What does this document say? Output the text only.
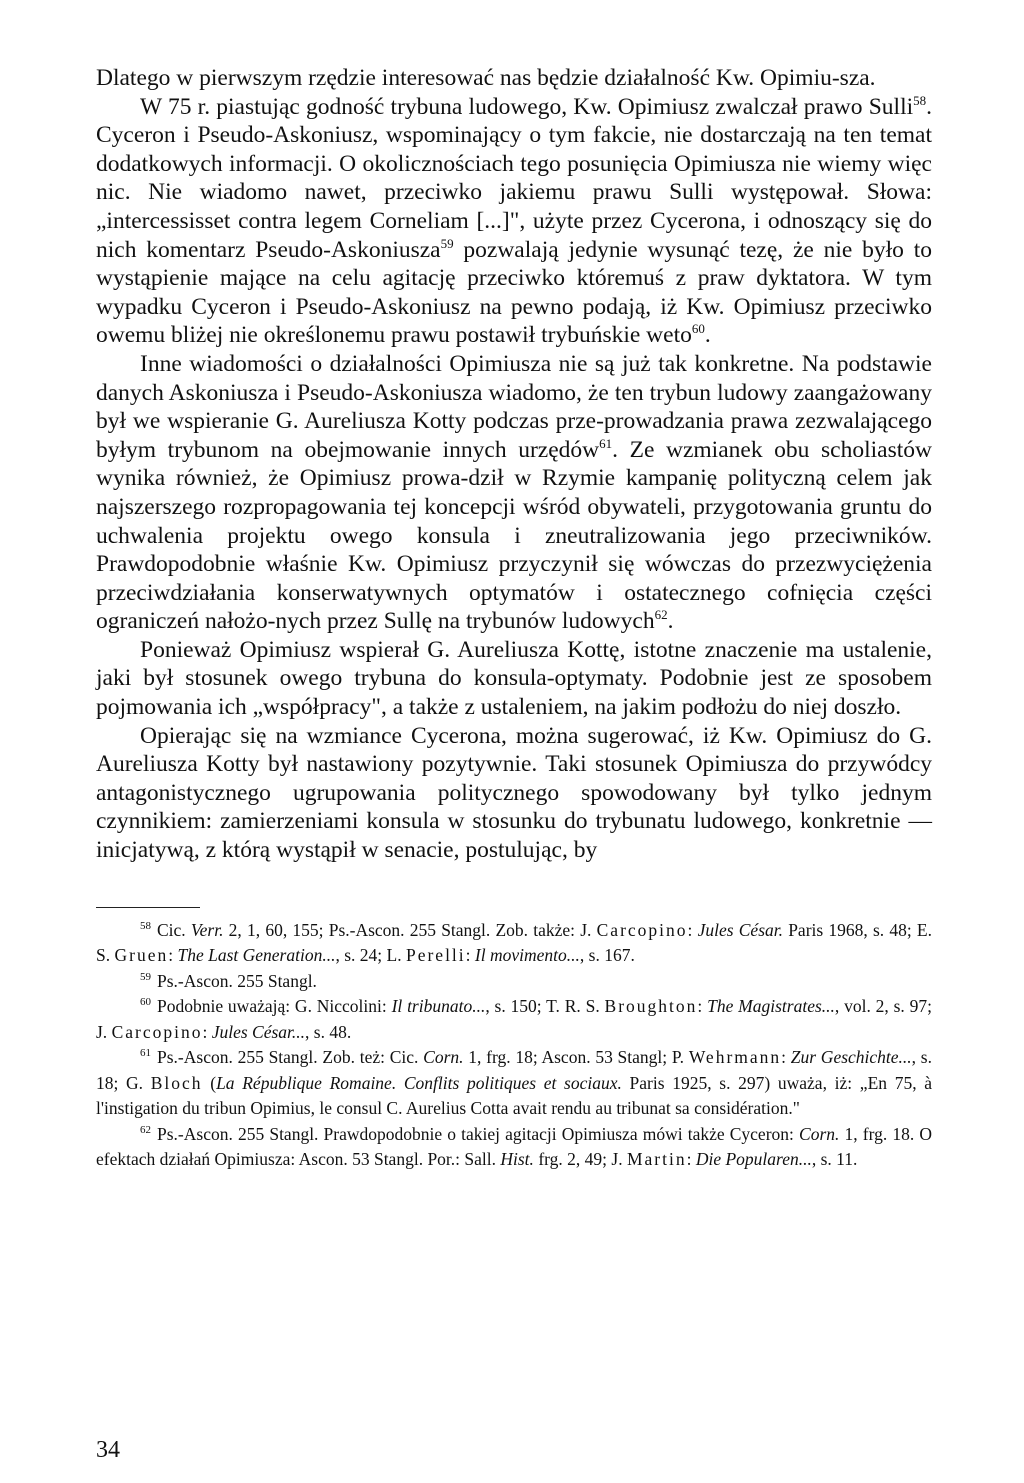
Dlatego w pierwszym rzędzie interesować nas będzie działalność Kw. Opimiu-sza.

W 75 r. piastując godność trybuna ludowego, Kw. Opimiusz zwalczał prawo Sulli$^{58}$. Cyceron i Pseudo-Askoniusz, wspominający o tym fakcie, nie dostarczają na ten temat dodatkowych informacji. O okolicznościach tego posunięcia Opimiusza nie wiemy więc nic. Nie wiadomo nawet, przeciwko jakiemu prawu Sulli występował. Słowa: „intercessisset contra legem Corneliam [...]", użyte przez Cycerona, i odnoszący się do nich komentarz Pseudo-Askoniusza$^{59}$ pozwalają jedynie wysunąć tezę, że nie było to wystąpienie mające na celu agitację przeciwko któremuś z praw dyktatora. W tym wypadku Cyceron i Pseudo-Askoniusz na pewno podają, iż Kw. Opimiusz przeciwko owemu bliżej nie określonemu prawu postawił trybuńskie weto$^{60}$.

Inne wiadomości o działalności Opimiusza nie są już tak konkretne. Na podstawie danych Askoniusza i Pseudo-Askoniusza wiadomo, że ten trybun ludowy zaangażowany był we wspieranie G. Aureliusza Kotty podczas prze-prowadzania prawa zezwalającego byłym trybunom na obejmowanie innych urzędów$^{61}$. Ze wzmianek obu scholiastów wynika również, że Opimiusz prowa-dził w Rzymie kampanię polityczną celem jak najszerszego rozpropagowania tej koncepcji wśród obywateli, przygotowania gruntu do uchwalenia projektu owego konsula i zneutralizowania jego przeciwników. Prawdopodobnie właśnie Kw. Opimiusz przyczynił się wówczas do przezwyciężenia przeciwdziałania konserwatywnych optymatów i ostatecznego cofnięcia części ograniczeń nałożo-nych przez Sullę na trybunów ludowych$^{62}$.

Ponieważ Opimiusz wspierał G. Aureliusza Kottę, istotne znaczenie ma ustalenie, jaki był stosunek owego trybuna do konsula-optymaty. Podobnie jest ze sposobem pojmowania ich „współpracy", a także z ustaleniem, na jakim podłożu do niej doszło.

Opierając się na wzmiance Cycerona, można sugerować, iż Kw. Opimiusz do G. Aureliusza Kotty był nastawiony pozytywnie. Taki stosunek Opimiusza do przywódcy antagonistycznego ugrupowania politycznego spowodowany był tylko jednym czynnikiem: zamierzeniami konsula w stosunku do trybunatu ludowego, konkretnie — inicjatywą, z którą wystąpił w senacie, postulując, by

$^{58}$ Cic. Verr. 2, 1, 60, 155; Ps.-Ascon. 255 Stangl. Zob. także: J. Carcopino: Jules César. Paris 1968, s. 48; E. S. Gruen: The Last Generation..., s. 24; L. Perelli: Il movimento..., s. 167.

$^{59}$ Ps.-Ascon. 255 Stangl.

$^{60}$ Podobnie uważają: G. Niccolini: Il tribunato..., s. 150; T. R. S. Broughton: The Magistrates..., vol. 2, s. 97; J. Carcopino: Jules César..., s. 48.

$^{61}$ Ps.-Ascon. 255 Stangl. Zob. też: Cic. Corn. 1, frg. 18; Ascon. 53 Stangl; P. Wehrmann: Zur Geschichte..., s. 18; G. Bloch (La République Romaine. Conflits politiques et sociaux. Paris 1925, s. 297) uważa, iż: „En 75, à l'instigation du tribun Opimius, le consul C. Aurelius Cotta avait rendu au tribunat sa considération."

$^{62}$ Ps.-Ascon. 255 Stangl. Prawdopodobnie o takiej agitacji Opimiusza mówi także Cyceron: Corn. 1, frg. 18. O efektach działań Opimiusza: Ascon. 53 Stangl. Por.: Sall. Hist. frg. 2, 49; J. Martin: Die Popularen..., s. 11.

34
